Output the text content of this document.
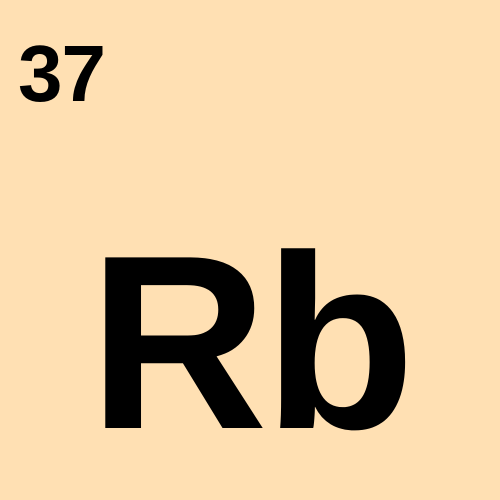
37
Rb
